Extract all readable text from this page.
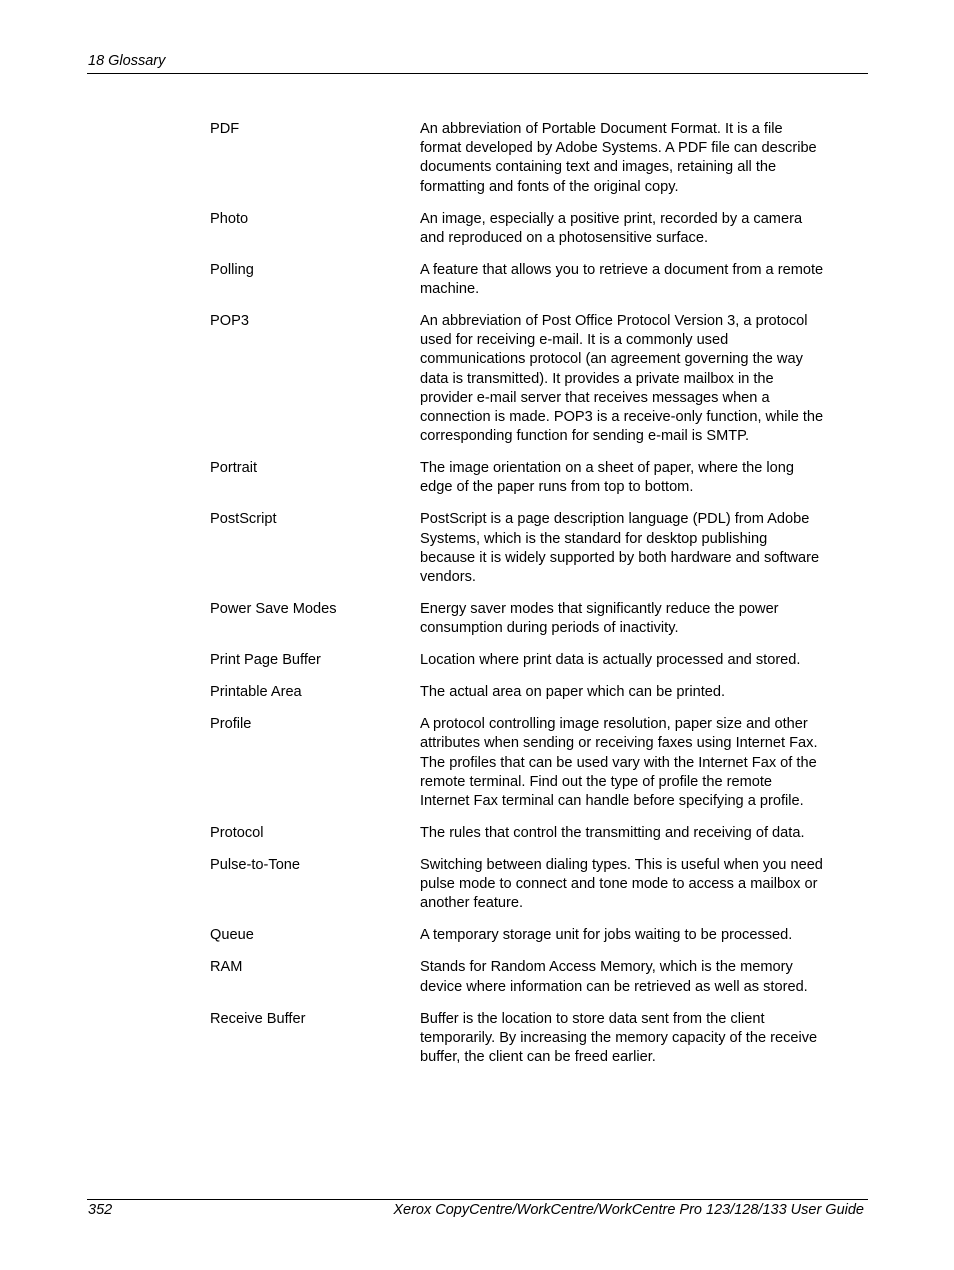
18 Glossary
PDF	An abbreviation of Portable Document Format. It is a file
format developed by Adobe Systems. A PDF file can describe
documents containing text and images, retaining all the
formatting and fonts of the original copy.
Photo	An image, especially a positive print, recorded by a camera
and reproduced on a photosensitive surface.
Polling	A feature that allows you to retrieve a document from a remote
machine.
POP3	An abbreviation of Post Office Protocol Version 3, a protocol
used for receiving e-mail. It is a commonly used
communications protocol (an agreement governing the way
data is transmitted). It provides a private mailbox in the
provider e-mail server that receives messages when a
connection is made. POP3 is a receive-only function, while the
corresponding function for sending e-mail is SMTP.
Portrait	The image orientation on a sheet of paper, where the long
edge of the paper runs from top to bottom.
PostScript	PostScript is a page description language (PDL) from Adobe
Systems, which is the standard for desktop publishing
because it is widely supported by both hardware and software
vendors.
Power Save Modes	Energy saver modes that significantly reduce the power
consumption during periods of inactivity.
Print Page Buffer	Location where print data is actually processed and stored.
Printable Area	The actual area on paper which can be printed.
Profile	A protocol controlling image resolution, paper size and other
attributes when sending or receiving faxes using Internet Fax.
The profiles that can be used vary with the Internet Fax of the
remote terminal. Find out the type of profile the remote
Internet Fax terminal can handle before specifying a profile.
Protocol	The rules that control the transmitting and receiving of data.
Pulse-to-Tone	Switching between dialing types. This is useful when you need
pulse mode to connect and tone mode to access a mailbox or
another feature.
Queue	A temporary storage unit for jobs waiting to be processed.
RAM	Stands for Random Access Memory, which is the memory
device where information can be retrieved as well as stored.
Receive Buffer	Buffer is the location to store data sent from the client
temporarily. By increasing the memory capacity of the receive
buffer, the client can be freed earlier.
352	Xerox CopyCentre/WorkCentre/WorkCentre Pro 123/128/133 User Guide
